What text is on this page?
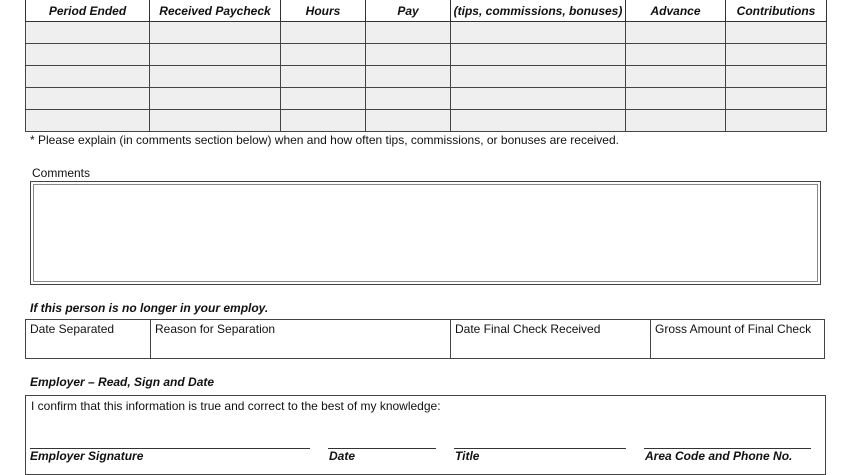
Period Ended	Received Paycheck	Hours	Pay	(tips, commissions, bonuses)	Advance	Contributions

* Please explain (in comments section below) when and how often tips, commissions, or bonuses are received.
Comments
If this person is no longer in your employ.
Date Separated	Reason for Separation	Date Final Check Received	Gross Amount of Final Check
Employer – Read, Sign and Date
I confirm that this information is true and correct to the best of my knowledge:
Employer Signature	Date	Title	Area Code and Phone No.
